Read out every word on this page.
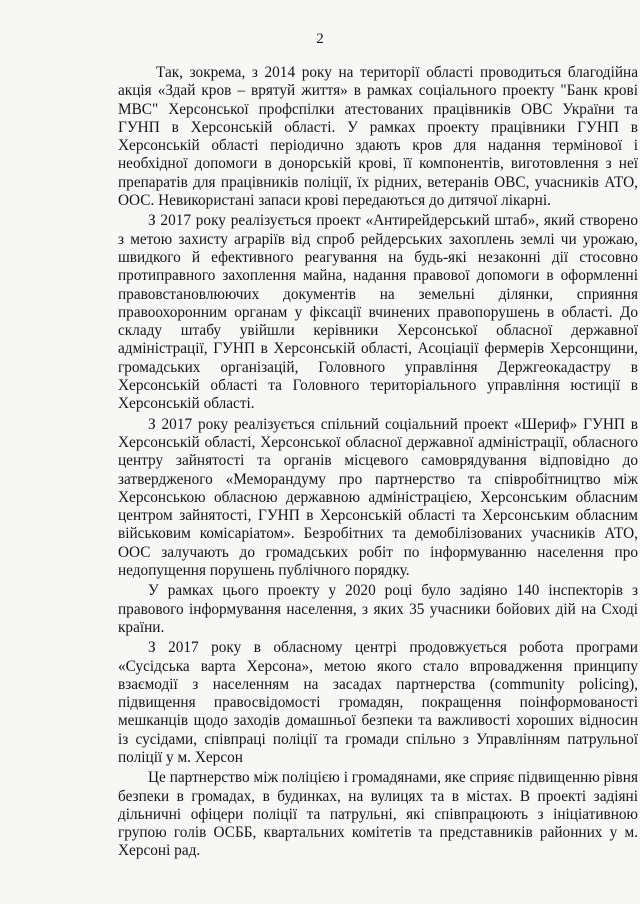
2

Так, зокрема, з 2014 року на території області проводиться благодійна акція «Здай кров – врятуй життя» в рамках соціального проекту "Банк крові МВС" Херсонської профспілки атестованих працівників ОВС України та ГУНП в Херсонській області. У рамках проекту працівники ГУНП в Херсонській області періодично здають кров для надання термінової і необхідної допомоги в донорській крові, її компонентів, виготовлення з неї препаратів для працівників поліції, їх рідних, ветеранів ОВС, учасників АТО, ООС. Невикористані запаси крові передаються до дитячої лікарні.

З 2017 року реалізується проект «Антирейдерський штаб», який створено з метою захисту аграріїв від спроб рейдерських захоплень землі чи урожаю, швидкого й ефективного реагування на будь-які незаконні дії стосовно протиправного захоплення майна, надання правової допомоги в оформленні правовстановлюючих документів на земельні ділянки, сприяння правоохоронним органам у фіксації вчинених правопорушень в області. До складу штабу увійшли керівники Херсонської обласної державної адміністрації, ГУНП в Херсонській області, Асоціації фермерів Херсонщини, громадських організацій, Головного управління Держгеокадастру в Херсонській області та Головного територіального управління юстиції в Херсонській області.

З 2017 року реалізується спільний соціальний проект «Шериф» ГУНП в Херсонській області, Херсонської обласної державної адміністрації, обласного центру зайнятості та органів місцевого самоврядування відповідно до затвердженого «Меморандуму про партнерство та співробітництво між Херсонською обласною державною адміністрацією, Херсонським обласним центром зайнятості, ГУНП в Херсонській області та Херсонським обласним військовим комісаріатом». Безробітних та демобілізованих учасників АТО, ООС залучають до громадських робіт по інформуванню населення про недопущення порушень публічного порядку.

У рамках цього проекту у 2020 році було задіяно 140 інспекторів з правового інформування населення, з яких 35 учасники бойових дій на Сході країни.

З 2017 року в обласному центрі продовжується робота програми «Сусідська варта Херсона», метою якого стало впровадження принципу взаємодії з населенням на засадах партнерства (community policing), підвищення правосвідомості громадян, покращення поінформованості мешканців щодо заходів домашньої безпеки та важливості хороших відносин із сусідами, співпраці поліції та громади спільно з Управлінням патрульної поліції у м. Херсон

Це партнерство між поліцією і громадянами, яке сприяє підвищенню рівня безпеки в громадах, в будинках, на вулицях та в містах. В проекті задіяні дільничні офіцери поліції та патрульні, які співпрацюють з ініціативною групою голів ОСББ, квартальних комітетів та представників районних у м. Херсоні рад.
